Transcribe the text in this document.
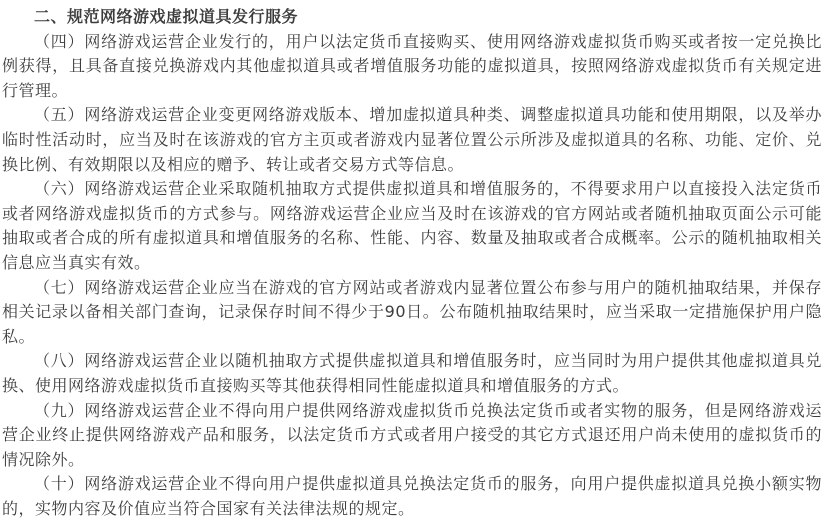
二、规范网络游戏虚拟道具发行服务

（四）网络游戏运营企业发行的，用户以法定货币直接购买、使用网络游戏虚拟货币购买或者按一定兑换比例获得，且具备直接兑换游戏内其他虚拟道具或者增值服务功能的虚拟道具，按照网络游戏虚拟货币有关规定进行管理。

（五）网络游戏运营企业变更网络游戏版本、增加虚拟道具种类、调整虚拟道具功能和使用期限，以及举办临时性活动时，应当及时在该游戏的官方主页或者游戏内显著位置公示所涉及虚拟道具的名称、功能、定价、兑换比例、有效期限以及相应的赠予、转让或者交易方式等信息。

（六）网络游戏运营企业采取随机抽取方式提供虚拟道具和增值服务的，不得要求用户以直接投入法定货币或者网络游戏虚拟货币的方式参与。网络游戏运营企业应当及时在该游戏的官方网站或者随机抽取页面公示可能抽取或者合成的所有虚拟道具和增值服务的名称、性能、内容、数量及抽取或者合成概率。公示的随机抽取相关信息应当真实有效。

（七）网络游戏运营企业应当在游戏的官方网站或者游戏内显著位置公布参与用户的随机抽取结果，并保存相关记录以备相关部门查询，记录保存时间不得少于90日。公布随机抽取结果时，应当采取一定措施保护用户隐私。

（八）网络游戏运营企业以随机抽取方式提供虚拟道具和增值服务时，应当同时为用户提供其他虚拟道具兑换、使用网络游戏虚拟货币直接购买等其他获得相同性能虚拟道具和增值服务的方式。

（九）网络游戏运营企业不得向用户提供网络游戏虚拟货币兑换法定货币或者实物的服务，但是网络游戏运营企业终止提供网络游戏产品和服务，以法定货币方式或者用户接受的其它方式退还用户尚未使用的虚拟货币的情况除外。

（十）网络游戏运营企业不得向用户提供虚拟道具兑换法定货币的服务，向用户提供虚拟道具兑换小额实物的，实物内容及价值应当符合国家有关法律法规的规定。
